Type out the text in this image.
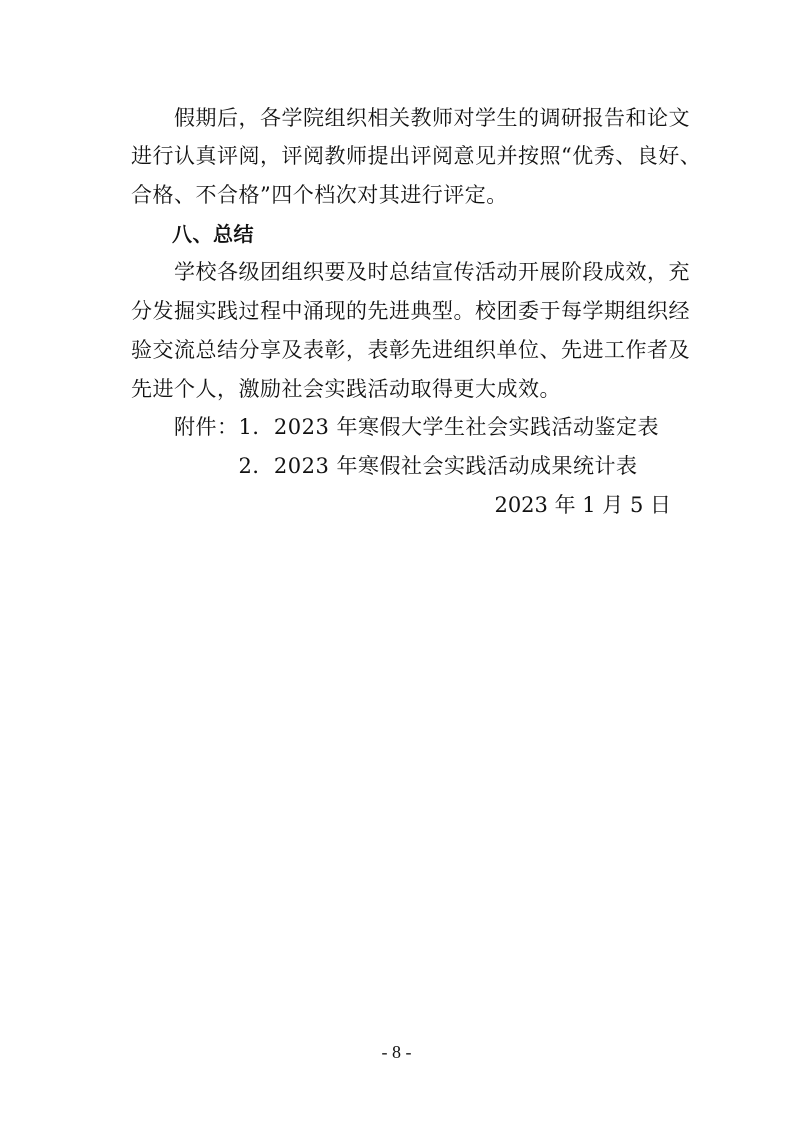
　　假期后，各学院组织相关教师对学生的调研报告和论文
进行认真评阅，评阅教师提出评阅意见并按照“优秀、良好、
合格、不合格”四个档次对其进行评定。
　　八、总结
　　学校各级团组织要及时总结宣传活动开展阶段成效，充
分发掘实践过程中涌现的先进典型。校团委于每学期组织经
验交流总结分享及表彰，表彰先进组织单位、先进工作者及
先进个人，激励社会实践活动取得更大成效。
　　附件：1．2023 年寒假大学生社会实践活动鉴定表
　　　　　2．2023 年寒假社会实践活动成果统计表
2023 年 1 月 5 日
- 8 -
